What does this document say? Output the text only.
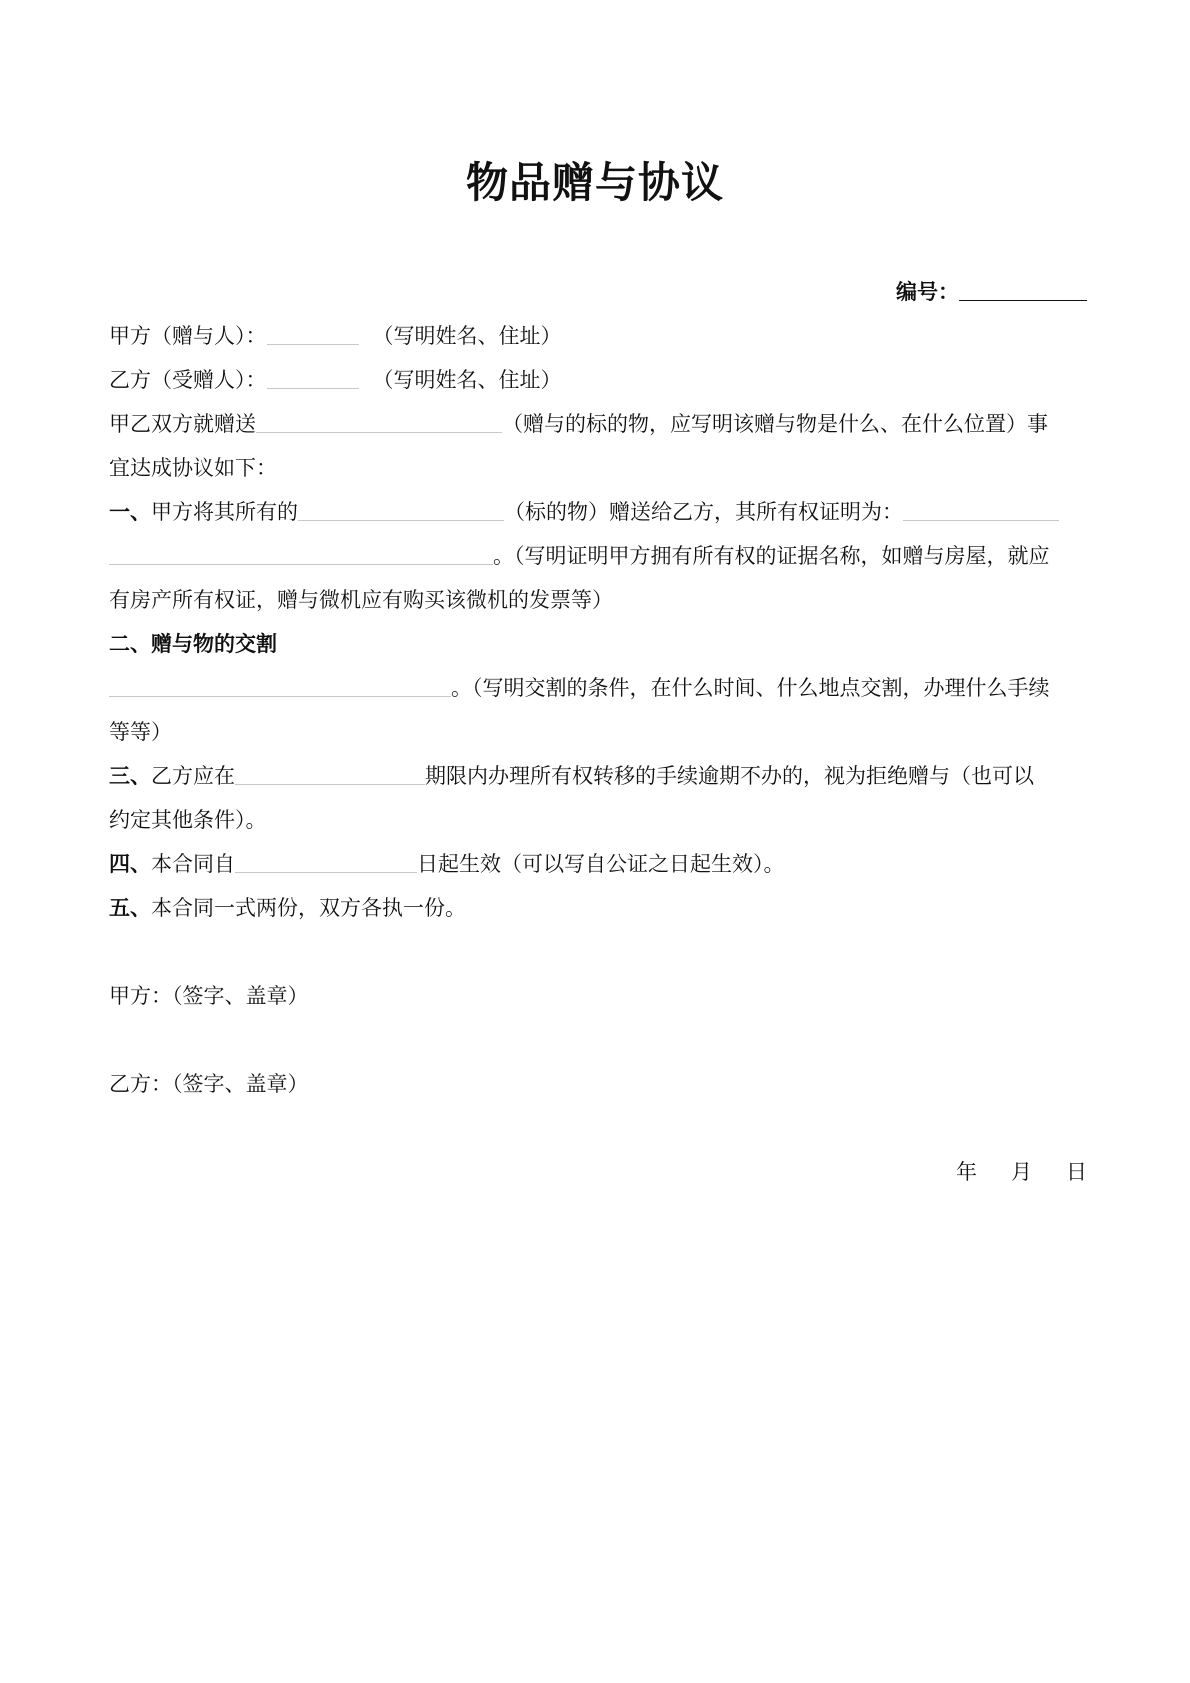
物品赠与协议
编号：
甲方（赠与人）：	（写明姓名、住址）
乙方（受赠人）：	（写明姓名、住址）
甲乙双方就赠送	（赠与的标的物，应写明该赠与物是什么、在什么位置）事
宜达成协议如下：
一、甲方将其所有的	（标的物）赠送给乙方，其所有权证明为：
。（写明证明甲方拥有所有权的证据名称，如赠与房屋，就应
有房产所有权证，赠与微机应有购买该微机的发票等）
二、赠与物的交割
。（写明交割的条件，在什么时间、什么地点交割，办理什么手续
等等）
三、乙方应在	期限内办理所有权转移的手续逾期不办的，视为拒绝赠与（也可以
约定其他条件）。
四、本合同自	日起生效（可以写自公证之日起生效）。
五、本合同一式两份，双方各执一份。
甲方：（签字、盖章）
乙方：（签字、盖章）
年 月 日
